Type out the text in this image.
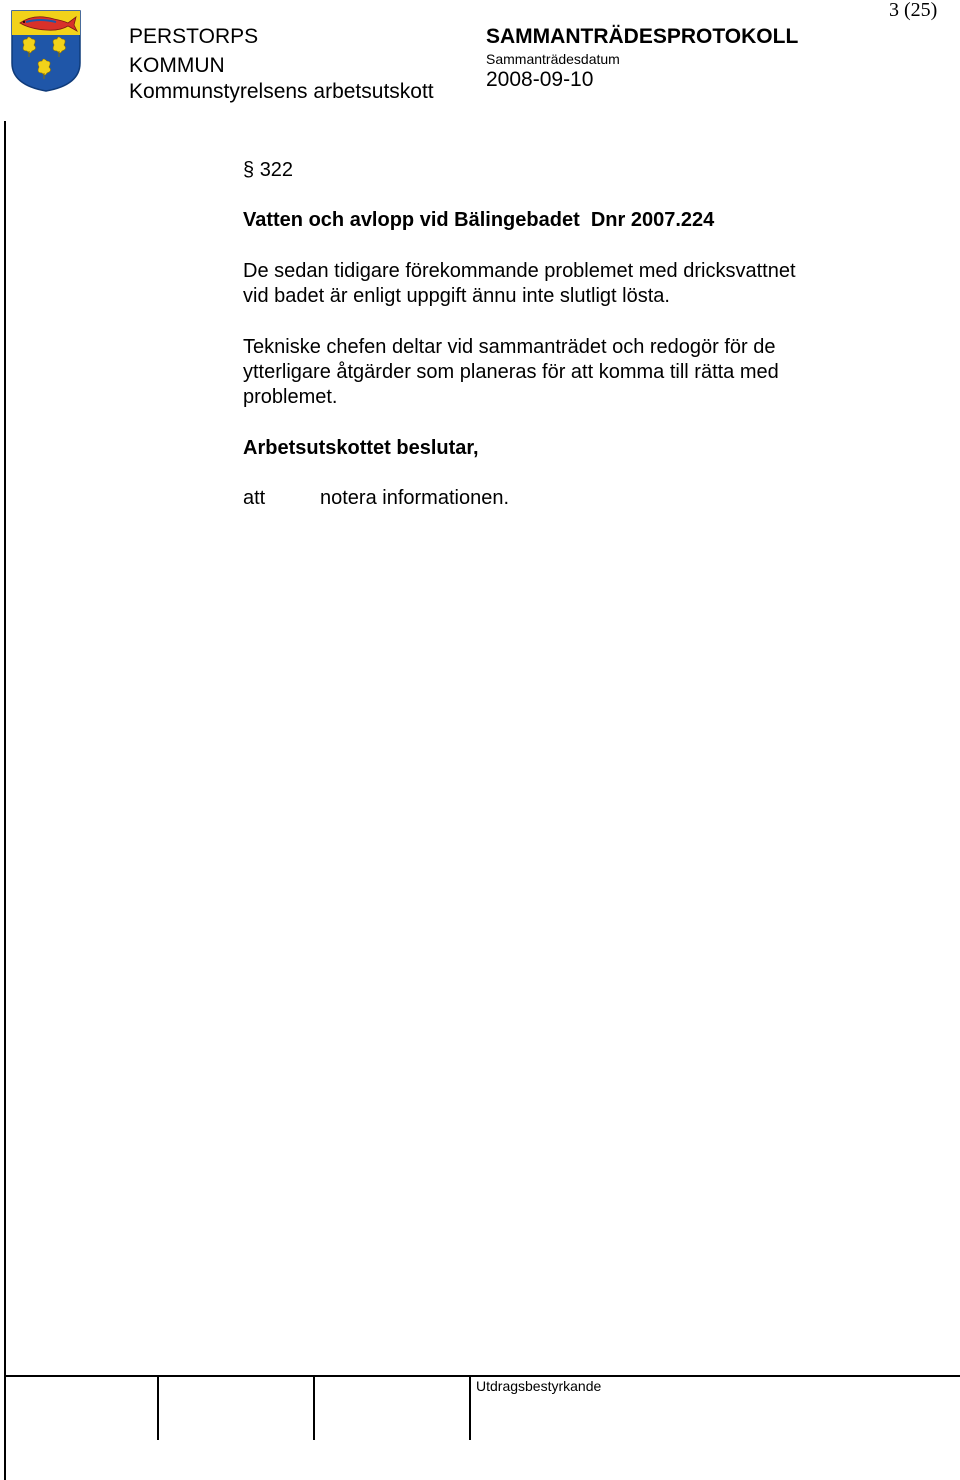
3 (25)
PERSTORPS
KOMMUN
Kommunstyrelsens arbetsutskott
SAMMANTRÄDESPROTOKOLL
Sammanträdesdatum
2008-09-10

§ 322

Vatten och avlopp vid Bälingebadet  Dnr 2007.224

De sedan tidigare förekommande problemet med dricksvattnet vid badet är enligt uppgift ännu inte slutligt lösta.

Tekniske chefen deltar vid sammanträdet och redogör för de ytterligare åtgärder som planeras för att komma till rätta med problemet.

Arbetsutskottet beslutar,

att	notera informationen.
Utdragsbestyrkande
